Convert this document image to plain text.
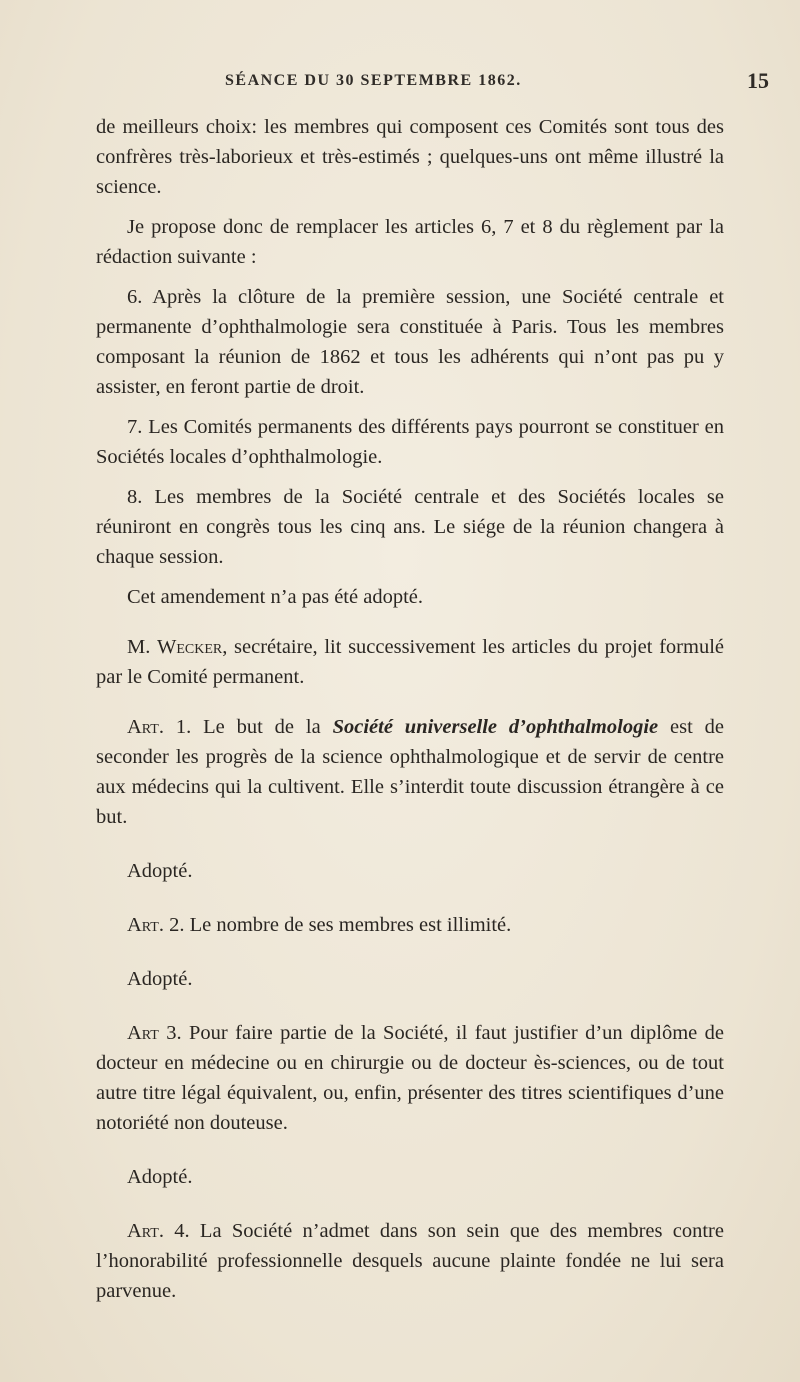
SÉANCE DU 30 SEPTEMBRE 1862.	15

de meilleurs choix: les membres qui composent ces Comités sont tous des confrères très-laborieux et très-estimés ; quelques-uns ont même illustré la science.

Je propose donc de remplacer les articles 6, 7 et 8 du règlement par la rédaction suivante :

6. Après la clôture de la première session, une Société centrale et permanente d’ophthalmologie sera constituée à Paris. Tous les membres composant la réunion de 1862 et tous les adhérents qui n’ont pas pu y assister, en feront partie de droit.

7. Les Comités permanents des différents pays pourront se constituer en Sociétés locales d’ophthalmologie.

8. Les membres de la Société centrale et des Sociétés locales se réuniront en congrès tous les cinq ans. Le siége de la réunion changera à chaque session.

Cet amendement n’a pas été adopté.

M. Wecker, secrétaire, lit successivement les articles du projet formulé par le Comité permanent.

Art. 1. Le but de la Société universelle d’ophthalmologie est de seconder les progrès de la science ophthalmologique et de servir de centre aux médecins qui la cultivent. Elle s’interdit toute discussion étrangère à ce but.

Adopté.

Art. 2. Le nombre de ses membres est illimité.

Adopté.

Art 3. Pour faire partie de la Société, il faut justifier d’un diplôme de docteur en médecine ou en chirurgie ou de docteur ès-sciences, ou de tout autre titre légal équivalent, ou, enfin, présenter des titres scientifiques d’une notoriété non douteuse.

Adopté.

Art. 4. La Société n’admet dans son sein que des membres contre l’honorabilité professionnelle desquels aucune plainte fondée ne lui sera parvenue.
